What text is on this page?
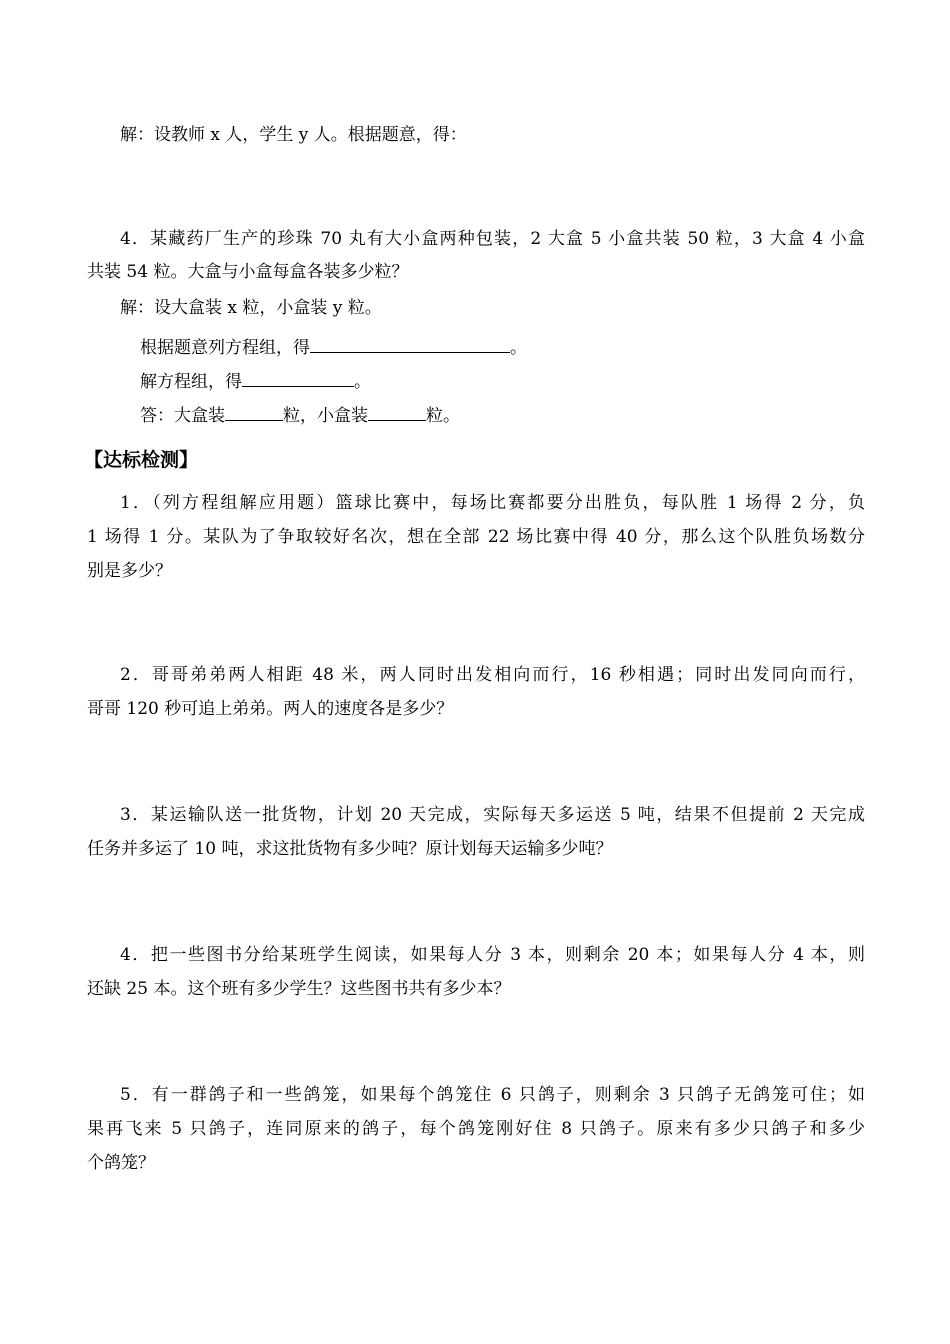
解：设教师 x 人，学生 y 人。根据题意，得：
4．某藏药厂生产的珍珠 70 丸有大小盒两种包装，2 大盒 5 小盒共装 50 粒，3 大盒 4 小盒
共装 54 粒。大盒与小盒每盒各装多少粒？
解：设大盒装 x 粒，小盒装 y 粒。
根据题意列方程组，得	。
解方程组，得	。
答：大盒装	粒，小盒装	粒。
【达标检测】
1．（列方程组解应用题）篮球比赛中，每场比赛都要分出胜负，每队胜 1 场得 2 分，负
1 场得 1 分。某队为了争取较好名次，想在全部 22 场比赛中得 40 分，那么这个队胜负场数分
别是多少？
2．哥哥弟弟两人相距 48 米，两人同时出发相向而行，16 秒相遇；同时出发同向而行，
哥哥 120 秒可追上弟弟。两人的速度各是多少？
3．某运输队送一批货物，计划 20 天完成，实际每天多运送 5 吨，结果不但提前 2 天完成
任务并多运了 10 吨，求这批货物有多少吨？原计划每天运输多少吨？
4．把一些图书分给某班学生阅读，如果每人分 3 本，则剩余 20 本；如果每人分 4 本，则
还缺 25 本。这个班有多少学生？这些图书共有多少本？
5．有一群鸽子和一些鸽笼，如果每个鸽笼住 6 只鸽子，则剩余 3 只鸽子无鸽笼可住；如
果再飞来 5 只鸽子，连同原来的鸽子，每个鸽笼刚好住 8 只鸽子。原来有多少只鸽子和多少
个鸽笼？
